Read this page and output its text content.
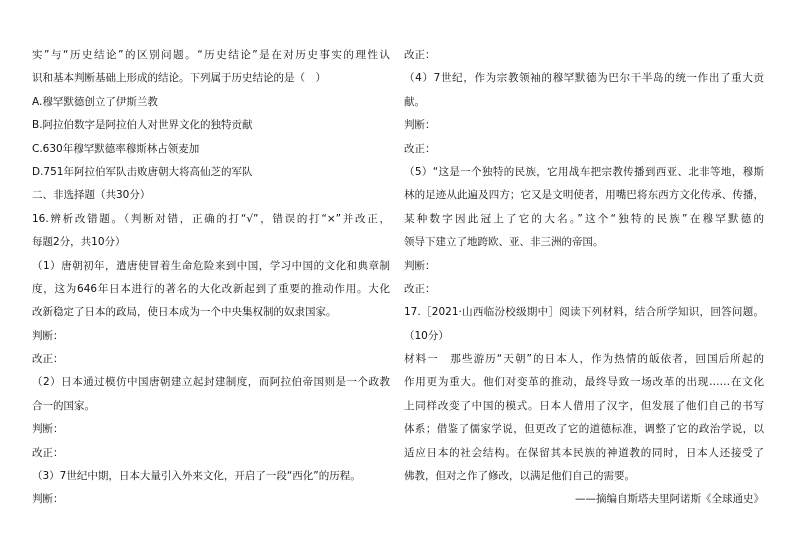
实”与“历史结论”的区别问题。“历史结论”是在对历史事实的理性认
识和基本判断基础上形成的结论。下列属于历史结论的是（　）
A.穆罕默德创立了伊斯兰教
B.阿拉伯数字是阿拉伯人对世界文化的独特贡献
C.630年穆罕默德率穆斯林占领麦加
D.751年阿拉伯军队击败唐朝大将高仙芝的军队
二、非选择题（共30分）
16.辨析改错题。（判断对错，正确的打“√”，错误的打“×”并改正，
每题2分，共10分）
（1）唐朝初年，遣唐使冒着生命危险来到中国，学习中国的文化和典章制
度，这为646年日本进行的著名的大化改新起到了重要的推动作用。大化
改新稳定了日本的政局，使日本成为一个中央集权制的奴隶国家。
判断：
改正：
（2）日本通过模仿中国唐朝建立起封建制度，而阿拉伯帝国则是一个政教
合一的国家。
判断：
改正：
（3）7世纪中期，日本大量引入外来文化，开启了一段“西化”的历程。
判断：
改正：
（4）7世纪，作为宗教领袖的穆罕默德为巴尔干半岛的统一作出了重大贡
献。
判断：
改正：
（5）“这是一个独特的民族，它用战车把宗教传播到西亚、北非等地，穆斯
林的足迹从此遍及四方；它又是文明使者，用嘴巴将东西方文化传承、传播，
某种数字因此冠上了它的大名。”这个“独特的民族”在穆罕默德的
领导下建立了地跨欧、亚、非三洲的帝国。
判断：
改正：
17.［2021·山西临汾校级期中］阅读下列材料，结合所学知识，回答问题。
（10分）
材料一　那些游历“天朝”的日本人，作为热情的皈依者，回国后所起的
作用更为重大。他们对变革的推动，最终导致一场改革的出现……在文化
上同样改变了中国的模式。日本人借用了汉字，但发展了他们自己的书写
体系；借鉴了儒家学说，但更改了它的道德标准，调整了它的政治学说，以
适应日本的社会结构。在保留其本民族的神道教的同时，日本人还接受了
佛教，但对之作了修改，以满足他们自己的需要。
——摘编自斯塔夫里阿诺斯《全球通史》
